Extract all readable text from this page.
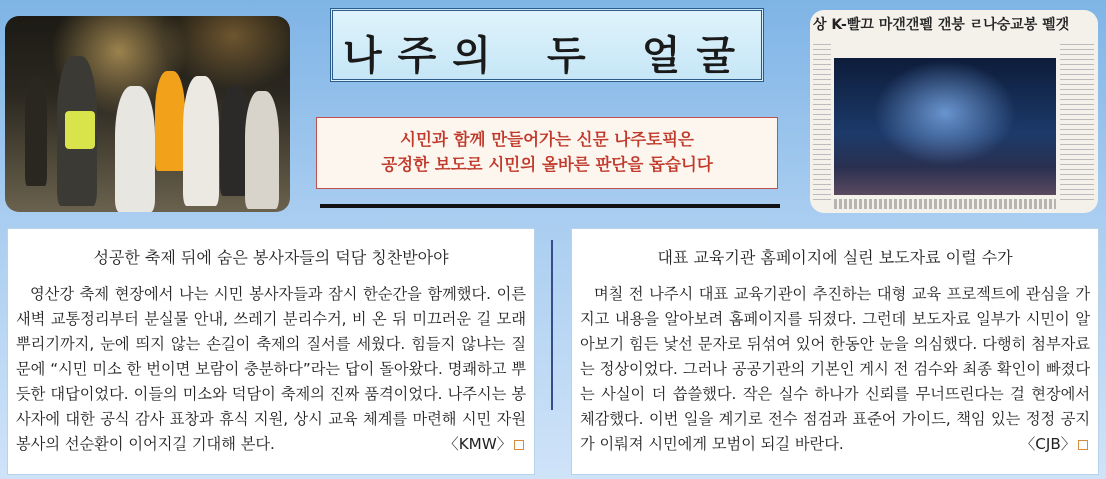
나주의 두 얼굴
시민과 함께 만들어가는 신문 나주토픽은
공정한 보도로 시민의 올바른 판단을 돕습니다
상 K-빨끄 마갠갠펠 갠붕 ㄹ나숭교봉 펠갯
성공한 축제 뒤에 숨은 봉사자들의 덕담 칭찬받아야
영산강 축제 현장에서 나는 시민 봉사자들과 잠시 한순간을 함께했다. 이른 새벽 교통정리부터 분실물 안내, 쓰레기 분리수거, 비 온 뒤 미끄러운 길 모래 뿌리기까지, 눈에 띄지 않는 손길이 축제의 질서를 세웠다. 힘들지 않냐는 질문에 “시민 미소 한 번이면 보람이 충분하다”라는 답이 돌아왔다. 명쾌하고 뿌듯한 대답이었다. 이들의 미소와 덕담이 축제의 진짜 품격이었다. 나주시는 봉사자에 대한 공식 감사 표창과 휴식 지원, 상시 교육 체계를 마련해 시민 자원봉사의 선순환이 이어지길 기대해 본다.	〈KMW〉
대표 교육기관 홈페이지에 실린 보도자료 이럴 수가
며칠 전 나주시 대표 교육기관이 추진하는 대형 교육 프로젝트에 관심을 가지고 내용을 알아보려 홈페이지를 뒤졌다. 그런데 보도자료 일부가 시민이 알아보기 힘든 낯선 문자로 뒤섞여 있어 한동안 눈을 의심했다. 다행히 첨부자료는 정상이었다. 그러나 공공기관의 기본인 게시 전 검수와 최종 확인이 빠졌다는 사실이 더 씁쓸했다. 작은 실수 하나가 신뢰를 무너뜨린다는 걸 현장에서 체감했다. 이번 일을 계기로 전수 점검과 표준어 가이드, 책임 있는 정정 공지가 이뤄져 시민에게 모범이 되길 바란다.	〈CJB〉
